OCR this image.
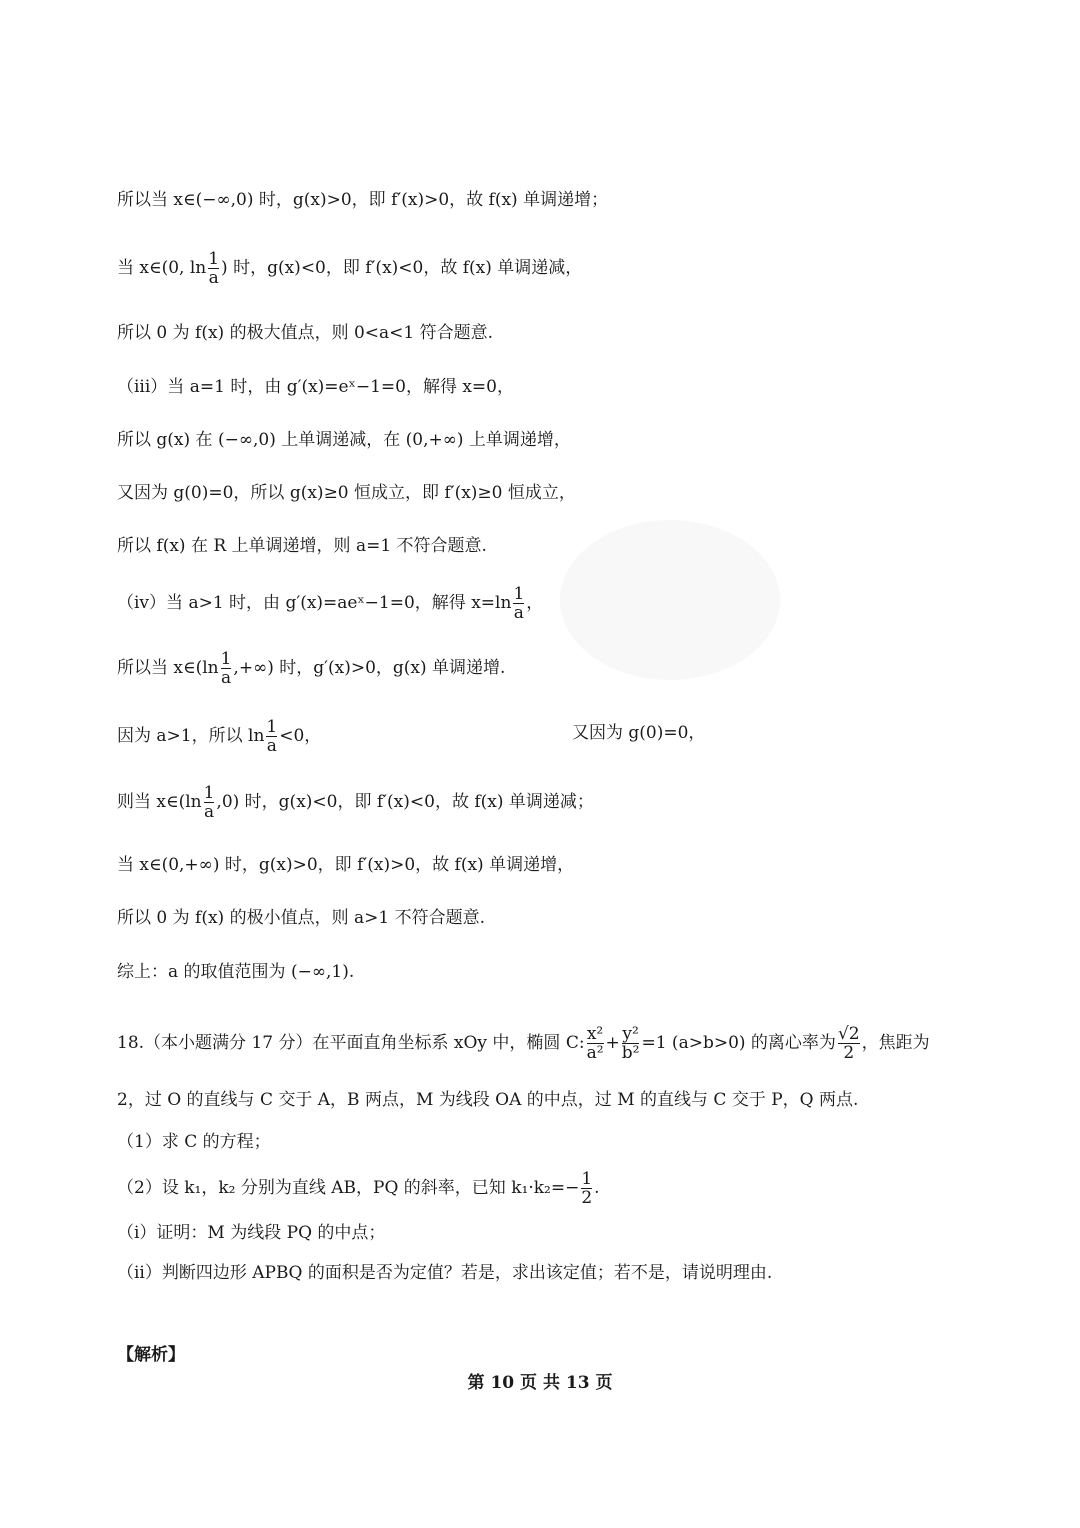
所以当 x∈(−∞,0) 时，g(x)>0，即 f′(x)>0，故 f(x) 单调递增；
当 x∈(0, $\ln \frac{1}{a}$ ) 时，g(x)<0，即 f′(x)<0，故 f(x) 单调递减，
所以 0 为 f(x) 的极大值点，则 0<a<1 符合题意.
（iii）当 a=1 时，由 g′(x)=eˣ−1=0，解得 x=0，
所以 g(x) 在 (−∞,0) 上单调递减，在 (0,+∞) 上单调递增，
又因为 g(0)=0，所以 g(x)≥0 恒成立，即 f′(x)≥0 恒成立，
所以 f(x) 在 R 上单调递增，则 a=1 不符合题意.
（iv）当 a>1 时，由 g′(x)=aeˣ−1=0，解得 $x=\ln \frac{1}{a}$ ，
所以当 x∈(ln $\frac{1}{a}$ ,+∞) 时，g′(x)>0，g(x) 单调递增.
因为 a>1，所以 $\ln \frac{1}{a} <0$，	又因为 g(0)=0，
则当 x∈(ln $\frac{1}{a} ,0$) 时，g(x)<0，即 f′(x)<0，故 f(x) 单调递减；
当 x∈(0,+∞) 时，g(x)>0，即 f′(x)>0，故 f(x) 单调递增，
所以 0 为 f(x) 的极小值点，则 a>1 不符合题意.
综上：a 的取值范围为 (−∞,1).
18.（本小题满分 17 分）在平面直角坐标系 xOy 中，椭圆 C: $\frac{\text{x²}}{\text{a²}} + \frac{\text{y²}}{\text{b²}} =1$ (a>b>0) 的离心率为 $\frac{√2}{2}$ ，焦距为
2，过 O 的直线与 C 交于 A，B 两点，M 为线段 OA 的中点，过 M 的直线与 C 交于 P，Q 两点.
（1）求 C 的方程；
（2）设 k₁，k₂ 分别为直线 AB，PQ 的斜率，已知 $k_1\cdot k_2=- \frac{1}{2}$ .
（i）证明：M 为线段 PQ 的中点；
（ii）判断四边形 APBQ 的面积是否为定值？若是，求出该定值；若不是，请说明理由.
【解析】
第 10 页 共 13 页
